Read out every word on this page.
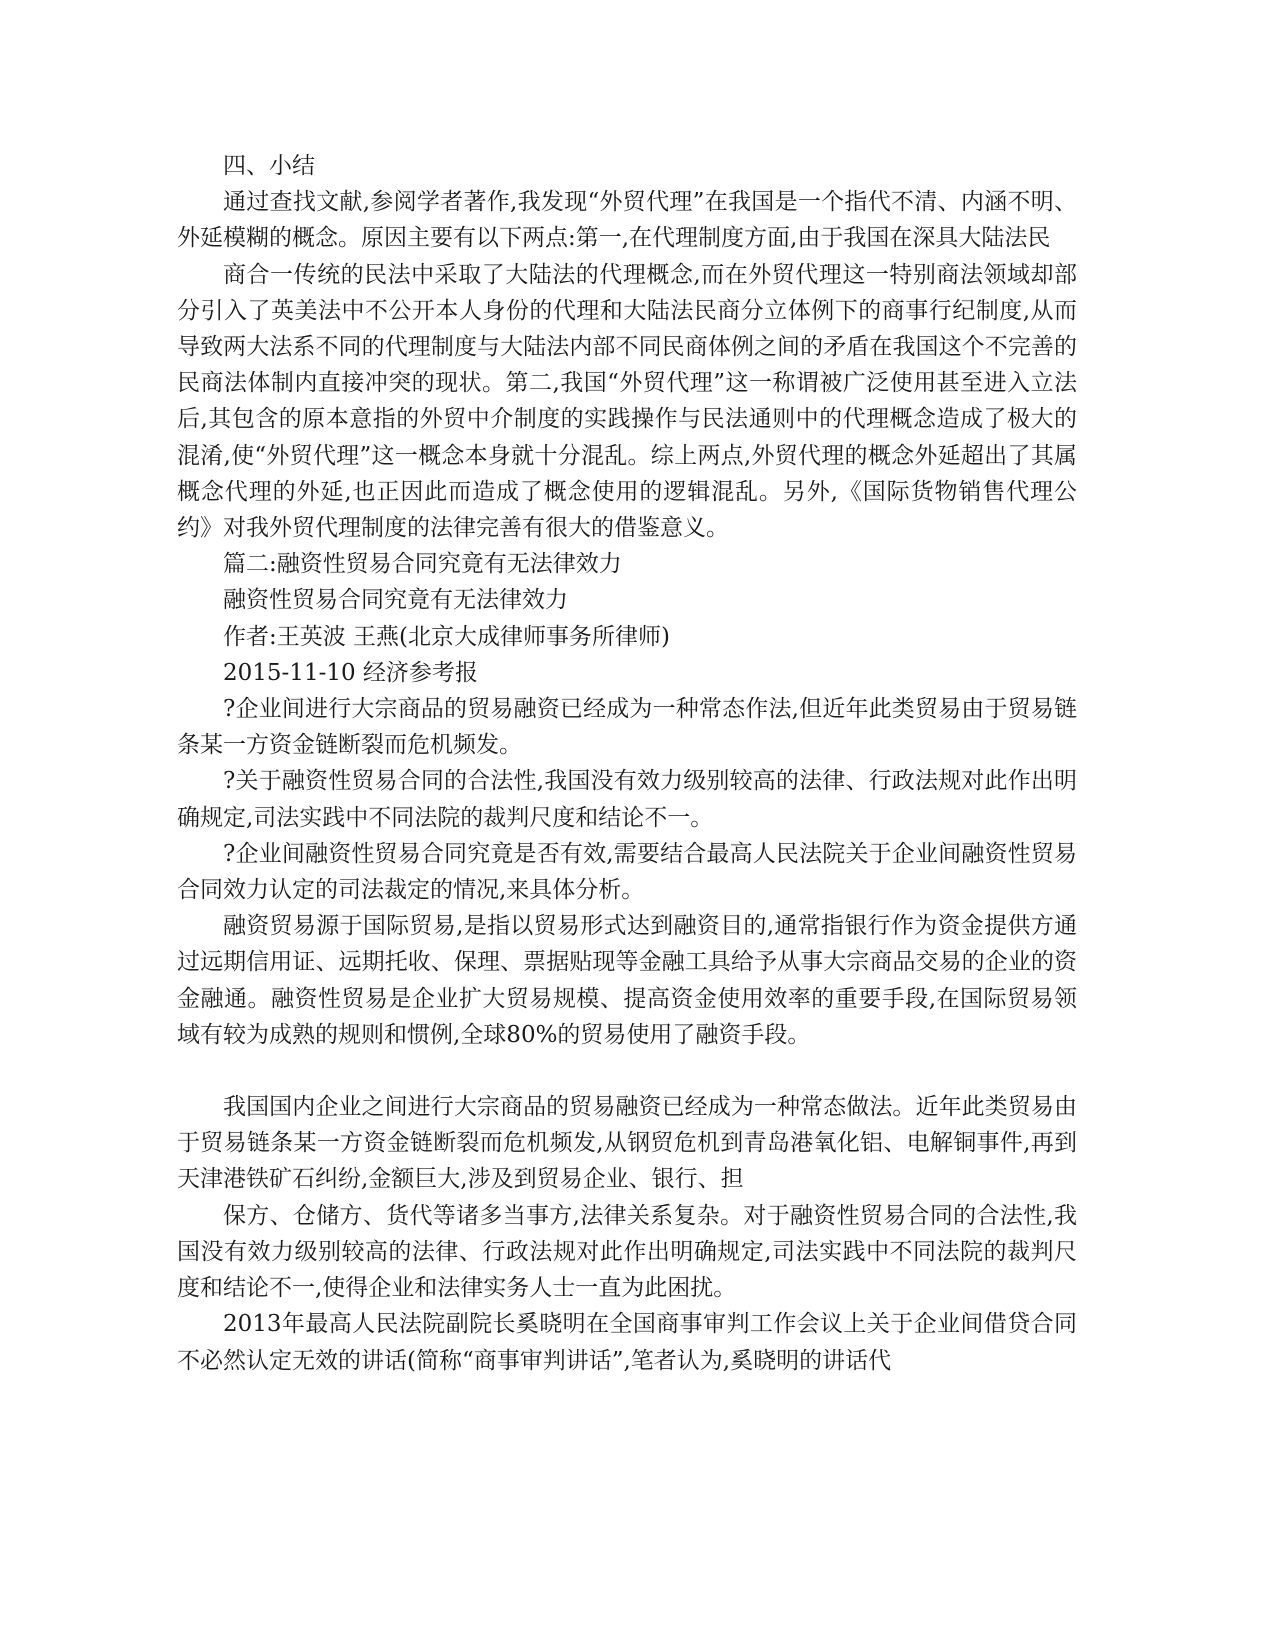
四、小结

通过查找文献,参阅学者著作,我发现“外贸代理”在我国是一个指代不清、内涵不明、外延模糊的概念。原因主要有以下两点:第一,在代理制度方面,由于我国在深具大陆法民

商合一传统的民法中采取了大陆法的代理概念,而在外贸代理这一特别商法领域却部分引入了英美法中不公开本人身份的代理和大陆法民商分立体例下的商事行纪制度,从而导致两大法系不同的代理制度与大陆法内部不同民商体例之间的矛盾在我国这个不完善的民商法体制内直接冲突的现状。第二,我国“外贸代理”这一称谓被广泛使用甚至进入立法后,其包含的原本意指的外贸中介制度的实践操作与民法通则中的代理概念造成了极大的混淆,使“外贸代理”这一概念本身就十分混乱。综上两点,外贸代理的概念外延超出了其属概念代理的外延,也正因此而造成了概念使用的逻辑混乱。另外,《国际货物销售代理公约》对我外贸代理制度的法律完善有很大的借鉴意义。

篇二:融资性贸易合同究竟有无法律效力

融资性贸易合同究竟有无法律效力

作者:王英波 王燕(北京大成律师事务所律师)

2015-11-10 经济参考报

?企业间进行大宗商品的贸易融资已经成为一种常态作法,但近年此类贸易由于贸易链条某一方资金链断裂而危机频发。

?关于融资性贸易合同的合法性,我国没有效力级别较高的法律、行政法规对此作出明确规定,司法实践中不同法院的裁判尺度和结论不一。

?企业间融资性贸易合同究竟是否有效,需要结合最高人民法院关于企业间融资性贸易合同效力认定的司法裁定的情况,来具体分析。

融资贸易源于国际贸易,是指以贸易形式达到融资目的,通常指银行作为资金提供方通过远期信用证、远期托收、保理、票据贴现等金融工具给予从事大宗商品交易的企业的资金融通。融资性贸易是企业扩大贸易规模、提高资金使用效率的重要手段,在国际贸易领域有较为成熟的规则和惯例,全球80%的贸易使用了融资手段。

我国国内企业之间进行大宗商品的贸易融资已经成为一种常态做法。近年此类贸易由于贸易链条某一方资金链断裂而危机频发,从钢贸危机到青岛港氧化铝、电解铜事件,再到天津港铁矿石纠纷,金额巨大,涉及到贸易企业、银行、担

保方、仓储方、货代等诸多当事方,法律关系复杂。对于融资性贸易合同的合法性,我国没有效力级别较高的法律、行政法规对此作出明确规定,司法实践中不同法院的裁判尺度和结论不一,使得企业和法律实务人士一直为此困扰。

2013年最高人民法院副院长奚晓明在全国商事审判工作会议上关于企业间借贷合同不必然认定无效的讲话(简称“商事审判讲话”,笔者认为,奚晓明的讲话代
